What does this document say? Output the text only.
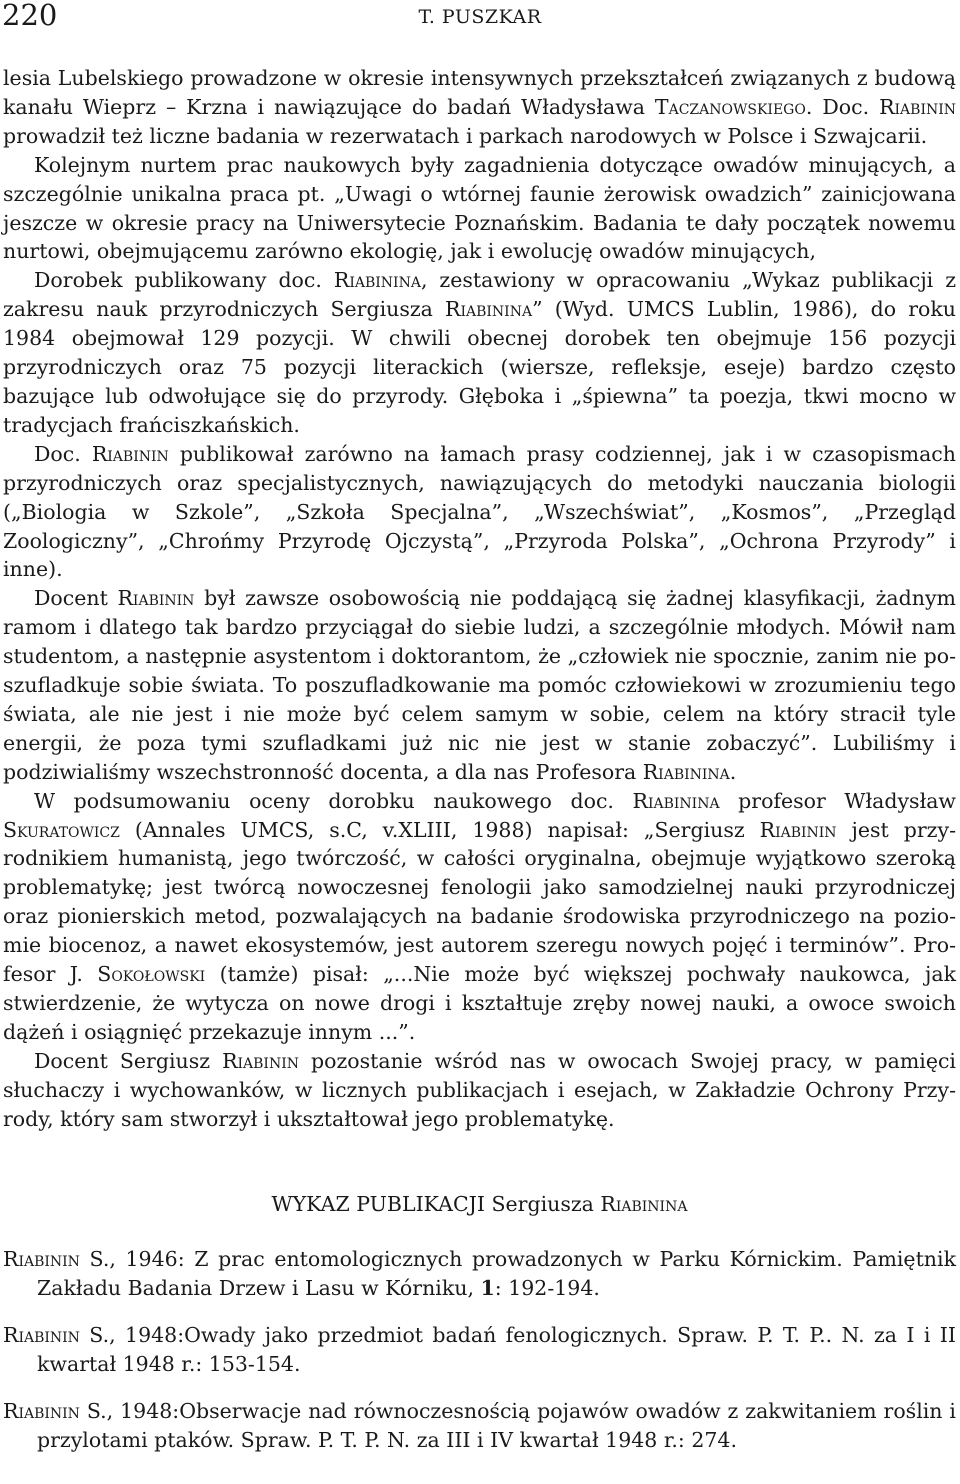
220	T. PUSZKAR

lesia Lubelskiego prowadzone w okresie intensywnych przekształceń związanych z budową kanału Wieprz – Krzna i nawiązujące do badań Władysława Taczanowskiego. Doc. Riabinin prowadził też liczne badania w rezerwatach i parkach narodowych w Polsce i Szwajcarii.

Kolejnym nurtem prac naukowych były zagadnienia dotyczące owadów minujących, a szczególnie unikalna praca pt. „Uwagi o wtórnej faunie żerowisk owadzich” zainicjowana jeszcze w okresie pracy na Uniwersytecie Poznańskim. Badania te dały początek nowemu nurtowi, obejmującemu zarówno ekologię, jak i ewolucję owadów minujących,

Dorobek publikowany doc. Riabinina, zestawiony w opracowaniu „Wykaz publikacji z zakresu nauk przyrodniczych Sergiusza Riabinina” (Wyd. UMCS Lublin, 1986), do roku 1984 obejmował 129 pozycji. W chwili obecnej dorobek ten obejmuje 156 pozycji przyrodniczych oraz 75 pozycji literackich (wiersze, refleksje, eseje) bardzo często bazujące lub odwołujące się do przyrody. Głęboka i „śpiewna” ta poezja, tkwi mocno w tradycjach frańciszkańskich.

Doc. Riabinin publikował zarówno na łamach prasy codziennej, jak i w czasopismach przyrodniczych oraz specjalistycznych, nawiązujących do metodyki nauczania biologii („Biologia w Szkole”, „Szkoła Specjalna”, „Wszechświat”, „Kosmos”, „Przegląd Zoologiczny”, „Chrońmy Przyrodę Ojczystą”, „Przyroda Polska”, „Ochrona Przyrody” i inne).

Docent Riabinin był zawsze osobowością nie poddającą się żadnej klasyfikacji, żadnym ramom i dlatego tak bardzo przyciągał do siebie ludzi, a szczególnie młodych. Mówił nam studentom, a następnie asystentom i doktorantom, że „człowiek nie spocznie, zanim nie poszufladkuje sobie świata. To poszufladkowanie ma pomóc człowiekowi w zrozumieniu tego świata, ale nie jest i nie może być celem samym w sobie, celem na który stracił tyle energii, że poza tymi szufladkami już nic nie jest w stanie zobaczyć”. Lubiliśmy i podziwialiśmy wszechstronność docenta, a dla nas Profesora Riabinina.

W podsumowaniu oceny dorobku naukowego doc. Riabinina profesor Władysław Skuratowicz (Annales UMCS, s.C, v.XLIII, 1988) napisał: „Sergiusz Riabinin jest przyrodnikiem humanistą, jego twórczość, w całości oryginalna, obejmuje wyjątkowo szeroką problematykę; jest twórcą nowoczesnej fenologii jako samodzielnej nauki przyrodniczej oraz pionierskich metod, pozwalających na badanie środowiska przyrodniczego na poziomie biocenoz, a nawet ekosystemów, jest autorem szeregu nowych pojęć i terminów”. Profesor J. Sokołowski (tamże) pisał: „...Nie może być większej pochwały naukowca, jak stwierdzenie, że wytycza on nowe drogi i kształtuje zręby nowej nauki, a owoce swoich dążeń i osiągnięć przekazuje innym ...”.

Docent Sergiusz Riabinin pozostanie wśród nas w owocach Swojej pracy, w pamięci słuchaczy i wychowanków, w licznych publikacjach i esejach, w Zakładzie Ochrony Przyrody, który sam stworzył i ukształtował jego problematykę.

WYKAZ PUBLIKACJI Sergiusza Riabinina

Riabinin S., 1946: Z prac entomologicznych prowadzonych w Parku Kórnickim. Pamiętnik Zakładu Badania Drzew i Lasu w Kórniku, 1: 192-194.

Riabinin S., 1948:Owady jako przedmiot badań fenologicznych. Spraw. P. T. P.. N. za I i II kwartał 1948 r.: 153-154.

Riabinin S., 1948:Obserwacje nad równoczesnością pojawów owadów z zakwitaniem roślin i przylotami ptaków. Spraw. P. T. P. N. za III i IV kwartał 1948 r.: 274.
